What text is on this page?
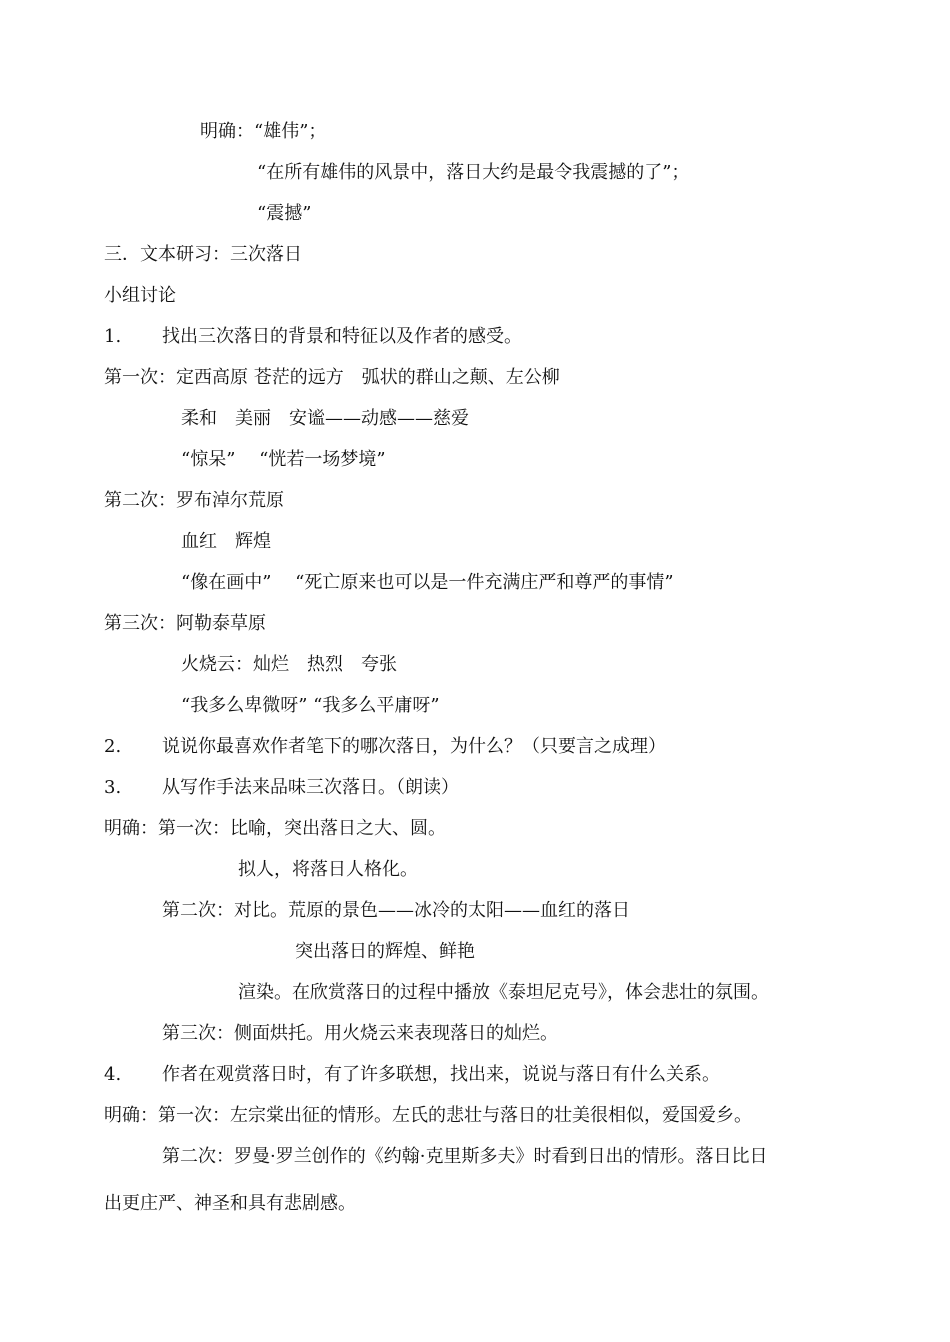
明确：“雄伟”；
“在所有雄伟的风景中，落日大约是最令我震撼的了”；
“震撼”
三．文本研习：三次落日
小组讨论
1. 找出三次落日的背景和特征以及作者的感受。
第一次：定西高原 苍茫的远方　弧状的群山之颠、左公柳
柔和　美丽　安谧——动感——慈爱
“惊呆”　 “恍若一场梦境”
第二次：罗布淖尔荒原
血红　辉煌
“像在画中”　 “死亡原来也可以是一件充满庄严和尊严的事情”
第三次：阿勒泰草原
火烧云：灿烂　热烈　夸张
“我多么卑微呀” “我多么平庸呀”
2. 说说你最喜欢作者笔下的哪次落日，为什么？（只要言之成理）
3. 从写作手法来品味三次落日。（朗读）
明确：第一次：比喻，突出落日之大、圆。
拟人，将落日人格化。
第二次：对比。荒原的景色——冰冷的太阳——血红的落日
突出落日的辉煌、鲜艳
渲染。在欣赏落日的过程中播放《泰坦尼克号》，体会悲壮的氛围。
第三次：侧面烘托。用火烧云来表现落日的灿烂。
4. 作者在观赏落日时，有了许多联想，找出来，说说与落日有什么关系。
明确：第一次：左宗棠出征的情形。左氏的悲壮与落日的壮美很相似，爱国爱乡。
第二次：罗曼·罗兰创作的《约翰·克里斯多夫》时看到日出的情形。落日比日
出更庄严、神圣和具有悲剧感。
